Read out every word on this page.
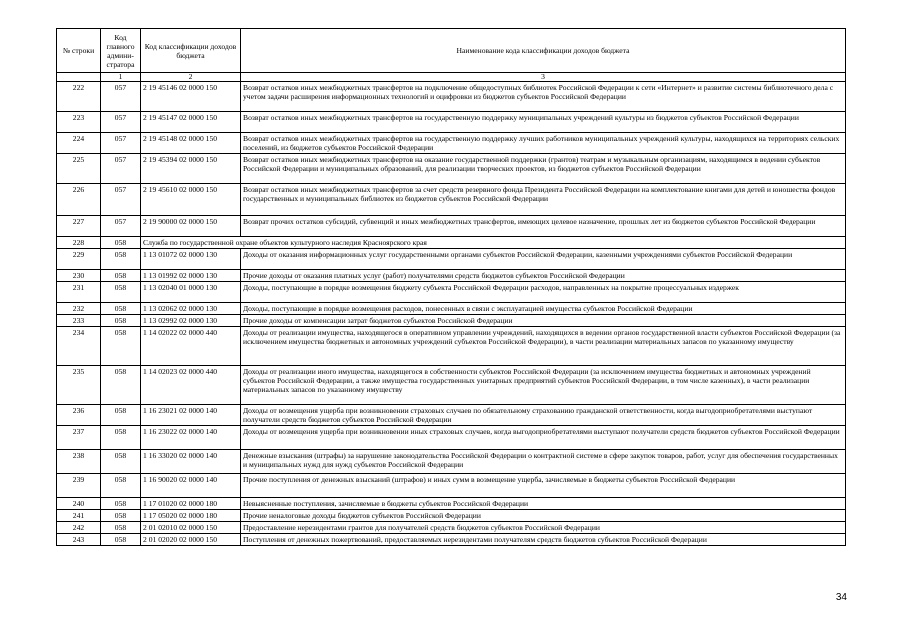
№ строки	Код главного админи- стратора	Код классификации доходов бюджета	Наименование кода классификации доходов бюджета
	1	2	3
222	057	2 19 45146 02 0000 150	Возврат остатков иных межбюджетных трансфертов на подключение общедоступных библиотек Российской Федерации к сети «Интернет» и развитие системы библиотечного дела с учетом задачи расширения информационных технологий и оцифровки из бюджетов субъектов Российской Федерации
223	057	2 19 45147 02 0000 150	Возврат остатков иных межбюджетных трансфертов на государственную поддержку муниципальных учреждений культуры из бюджетов субъектов Российской Федерации
224	057	2 19 45148 02 0000 150	Возврат остатков иных межбюджетных трансфертов на государственную поддержку лучших работников муниципальных учреждений культуры, находящихся на территориях сельских поселений, из бюджетов субъектов Российской Федерации
225	057	2 19 45394 02 0000 150	Возврат остатков иных межбюджетных трансфертов на оказание государственной поддержки (грантов) театрам и музыкальным организациям, находящимся в ведении субъектов Российской Федерации и муниципальных образований, для реализации творческих проектов, из бюджетов субъектов Российской Федерации
226	057	2 19 45610 02 0000 150	Возврат остатков иных межбюджетных трансфертов за счет средств резервного фонда Президента Российской Федерации на комплектование книгами для детей и юношества фондов государственных и муниципальных библиотек из бюджетов субъектов Российской Федерации
227	057	2 19 90000 02 0000 150	Возврат прочих остатков субсидий, субвенций и иных межбюджетных трансфертов, имеющих целевое назначение, прошлых лет из бюджетов субъектов Российской Федерации
228	058	Служба по государственной охране объектов культурного наследия Красноярского края	
229	058	1 13 01072 02 0000 130	Доходы от оказания информационных услуг государственными органами субъектов Российской Федерации, казенными учреждениями субъектов Российской Федерации
230	058	1 13 01992 02 0000 130	Прочие доходы от оказания платных услуг (работ) получателями средств бюджетов субъектов Российской Федерации
231	058	1 13 02040 01 0000 130	Доходы, поступающие в порядке возмещения бюджету субъекта Российской Федерации расходов, направленных на покрытие процессуальных издержек
232	058	1 13 02062 02 0000 130	Доходы, поступающие в порядке возмещения расходов, понесенных в связи с эксплуатацией имущества субъектов Российской Федерации
233	058	1 13 02992 02 0000 130	Прочие доходы от компенсации затрат бюджетов субъектов Российской Федерации
234	058	1 14 02022 02 0000 440	Доходы от реализации имущества, находящегося в оперативном управлении учреждений, находящихся в ведении органов государственной власти субъектов Российской Федерации (за исключением имущества бюджетных и автономных учреждений субъектов Российской Федерации), в части реализации материальных запасов по указанному имуществу
235	058	1 14 02023 02 0000 440	Доходы от реализации иного имущества, находящегося в собственности субъектов Российской Федерации (за исключением имущества бюджетных и автономных учреждений субъектов Российской Федерации, а также имущества государственных унитарных предприятий субъектов Российской Федерации, в том числе казенных), в части реализации материальных запасов по указанному имуществу
236	058	1 16 23021 02 0000 140	Доходы от возмещения ущерба при возникновении страховых случаев по обязательному страхованию гражданской ответственности, когда выгодоприобретателями выступают получатели средств бюджетов субъектов Российской Федерации
237	058	1 16 23022 02 0000 140	Доходы от возмещения ущерба при возникновении иных страховых случаев, когда выгодоприобретателями выступают получатели средств бюджетов субъектов Российской Федерации
238	058	1 16 33020 02 0000 140	Денежные взыскания (штрафы) за нарушение законодательства Российской Федерации о контрактной системе в сфере закупок товаров, работ, услуг для обеспечения государственных и муниципальных нужд для нужд субъектов Российской Федерации
239	058	1 16 90020 02 0000 140	Прочие поступления от денежных взысканий (штрафов) и иных сумм в возмещение ущерба, зачисляемые в бюджеты субъектов Российской Федерации
240	058	1 17 01020 02 0000 180	Невыясненные поступления, зачисляемые в бюджеты субъектов Российской Федерации
241	058	1 17 05020 02 0000 180	Прочие неналоговые доходы бюджетов субъектов Российской Федерации
242	058	2 01 02010 02 0000 150	Предоставление нерезидентами грантов для получателей средств бюджетов субъектов Российской Федерации
243	058	2 01 02020 02 0000 150	Поступления от денежных пожертвований, предоставляемых нерезидентами получателям средств бюджетов субъектов Российской Федерации
34
